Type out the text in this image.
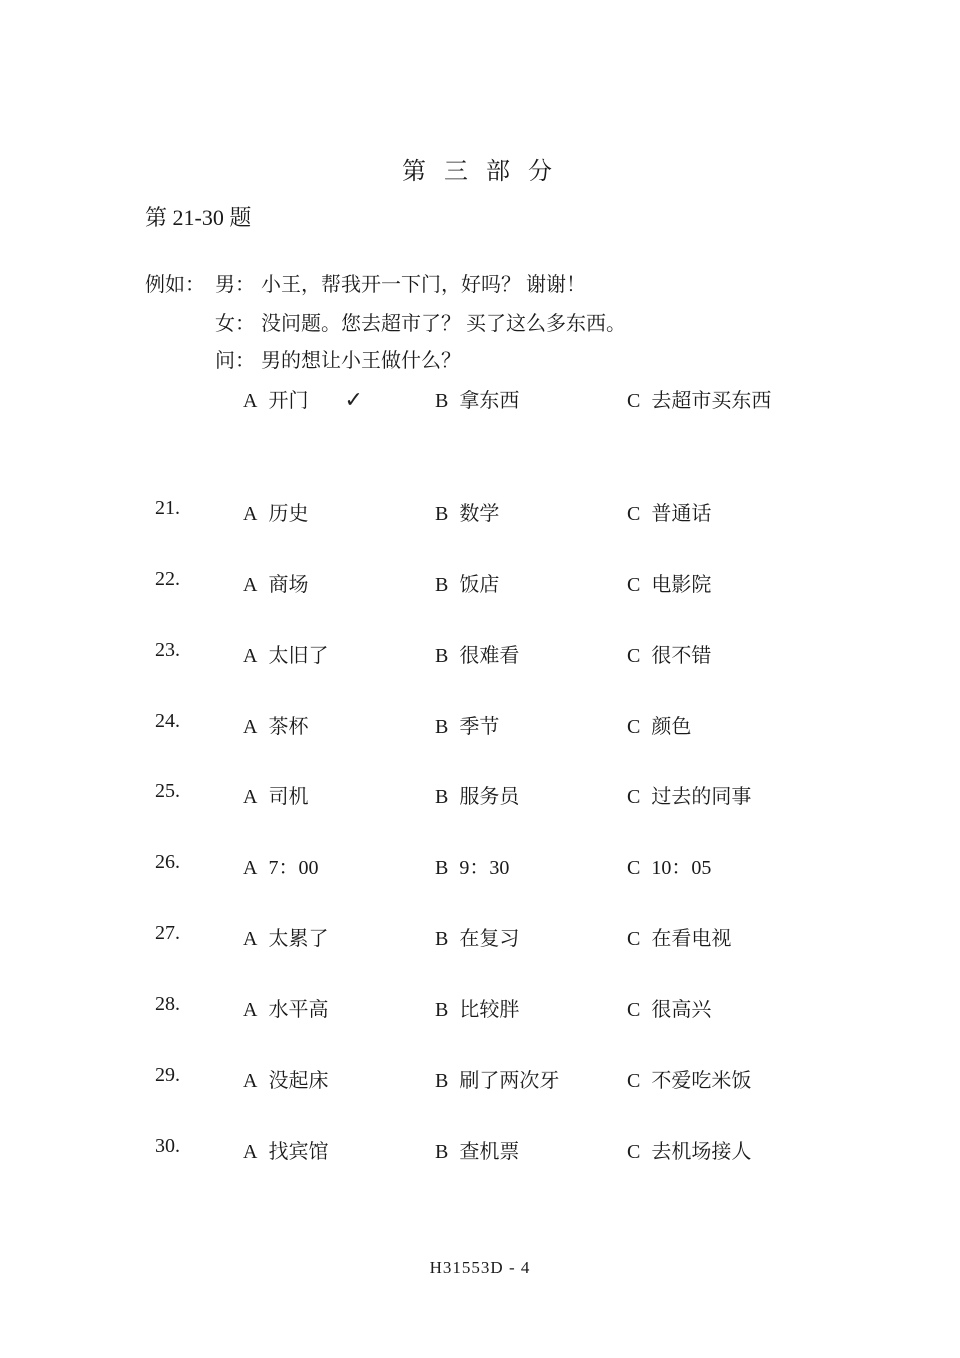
第 三 部 分
第 21-30 题
例如： 男： 小王，帮我开一下门，好吗？ 谢谢！
女： 没问题。您去超市了？ 买了这么多东西。
问： 男的想让小王做什么？
A 开门 ✓	B 拿东西	C 去超市买东西
21.	A 历史	B 数学	C 普通话
22.	A 商场	B 饭店	C 电影院
23.	A 太旧了	B 很难看	C 很不错
24.	A 茶杯	B 季节	C 颜色
25.	A 司机	B 服务员	C 过去的同事
26.	A 7：00	B 9：30	C 10：05
27.	A 太累了	B 在复习	C 在看电视
28.	A 水平高	B 比较胖	C 很高兴
29.	A 没起床	B 刷了两次牙	C 不爱吃米饭
30.	A 找宾馆	B 查机票	C 去机场接人
H31553D - 4
